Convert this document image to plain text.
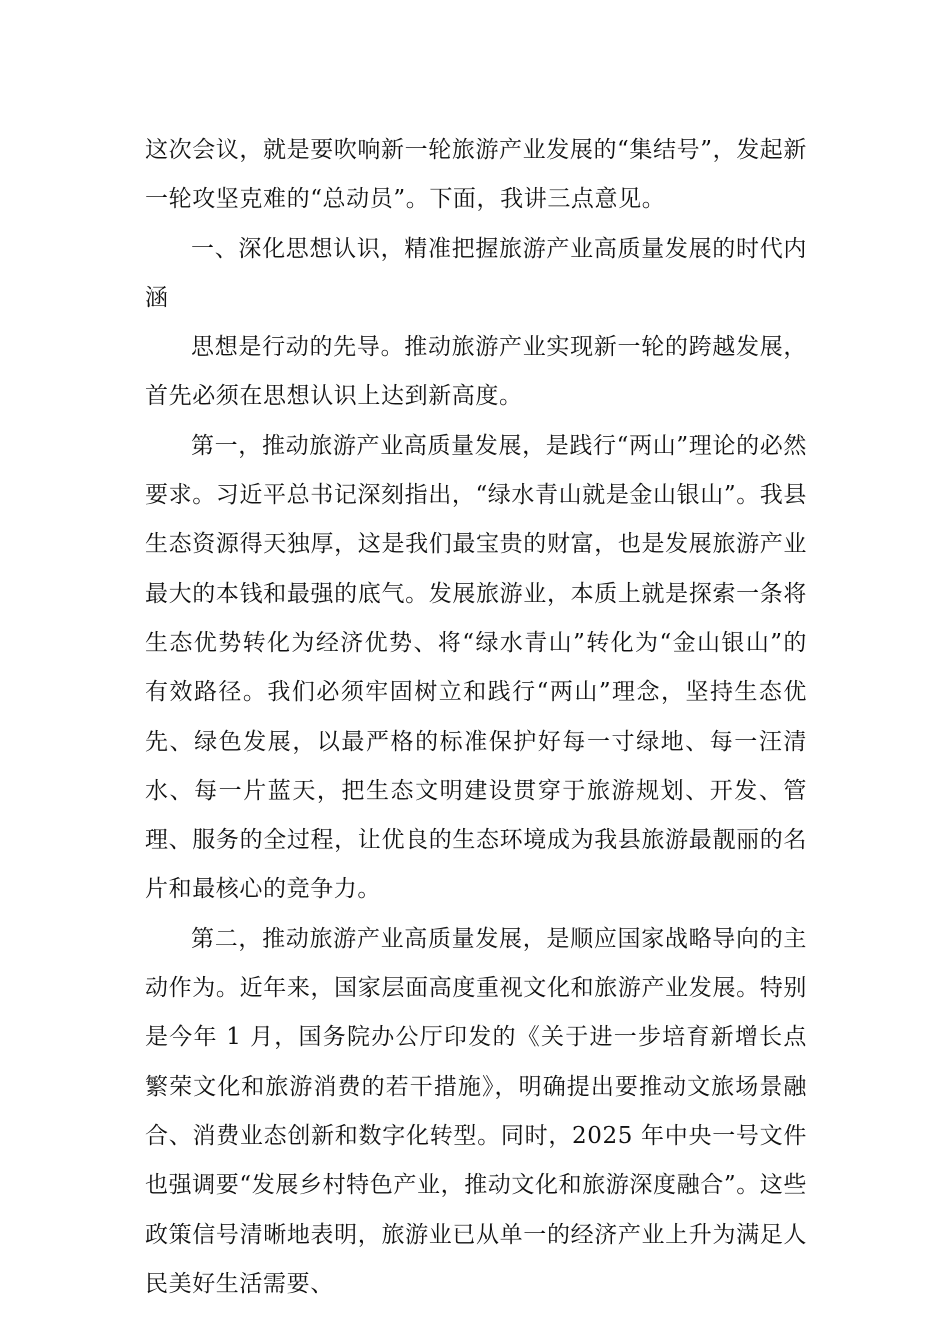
这次会议，就是要吹响新一轮旅游产业发展的“集结号”，发起新一轮攻坚克难的“总动员”。下面，我讲三点意见。

一、深化思想认识，精准把握旅游产业高质量发展的时代内涵

思想是行动的先导。推动旅游产业实现新一轮的跨越发展，首先必须在思想认识上达到新高度。

第一，推动旅游产业高质量发展，是践行“两山”理论的必然要求。习近平总书记深刻指出，“绿水青山就是金山银山”。我县生态资源得天独厚，这是我们最宝贵的财富，也是发展旅游产业最大的本钱和最强的底气。发展旅游业，本质上就是探索一条将生态优势转化为经济优势、将“绿水青山”转化为“金山银山”的有效路径。我们必须牢固树立和践行“两山”理念，坚持生态优先、绿色发展，以最严格的标准保护好每一寸绿地、每一汪清水、每一片蓝天，把生态文明建设贯穿于旅游规划、开发、管理、服务的全过程，让优良的生态环境成为我县旅游最靓丽的名片和最核心的竞争力。

第二，推动旅游产业高质量发展，是顺应国家战略导向的主动作为。近年来，国家层面高度重视文化和旅游产业发展。特别是今年 1 月，国务院办公厅印发的《关于进一步培育新增长点繁荣文化和旅游消费的若干措施》，明确提出要推动文旅场景融合、消费业态创新和数字化转型。同时，2025 年中央一号文件也强调要“发展乡村特色产业，推动文化和旅游深度融合”。这些政策信号清晰地表明，旅游业已从单一的经济产业上升为满足人民美好生活需要、
